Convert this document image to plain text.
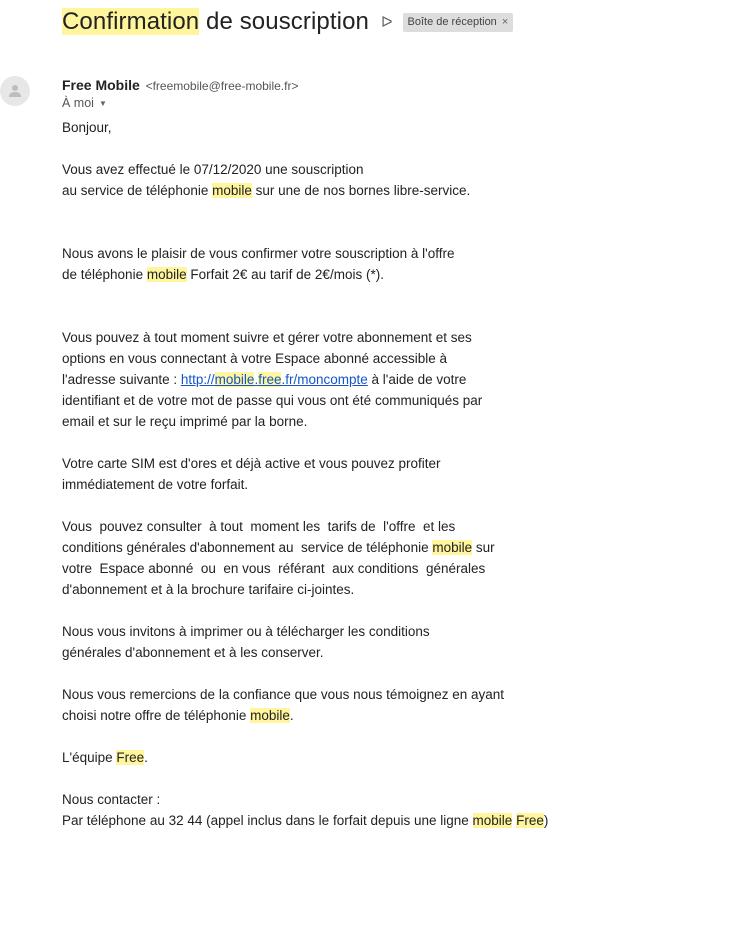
Confirmation de souscription ᐅ Boîte de réception ×
Free Mobile <freemobile@free-mobile.fr>
À moi ▼

Bonjour,

Vous avez effectué le 07/12/2020 une souscription
au service de téléphonie mobile sur une de nos bornes libre-service.

Nous avons le plaisir de vous confirmer votre souscription à l'offre
de téléphonie mobile Forfait 2€ au tarif de 2€/mois (*).

Vous pouvez à tout moment suivre et gérer votre abonnement et ses
options en vous connectant à votre Espace abonné accessible à
l'adresse suivante : http://mobile.free.fr/moncompte à l'aide de votre
identifiant et de votre mot de passe qui vous ont été communiqués par
email et sur le reçu imprimé par la borne.

Votre carte SIM est d'ores et déjà active et vous pouvez profiter
immédiatement de votre forfait.

Vous  pouvez consulter  à tout  moment les  tarifs de  l'offre  et les
conditions générales d'abonnement au  service de téléphonie mobile sur
votre  Espace abonné  ou  en vous  référant  aux conditions  générales
d'abonnement et à la brochure tarifaire ci-jointes.

Nous vous invitons à imprimer ou à télécharger les conditions
générales d'abonnement et à les conserver.

Nous vous remercions de la confiance que vous nous témoignez en ayant
choisi notre offre de téléphonie mobile.

L'équipe Free.

Nous contacter :
Par téléphone au 32 44 (appel inclus dans le forfait depuis une ligne mobile Free)
